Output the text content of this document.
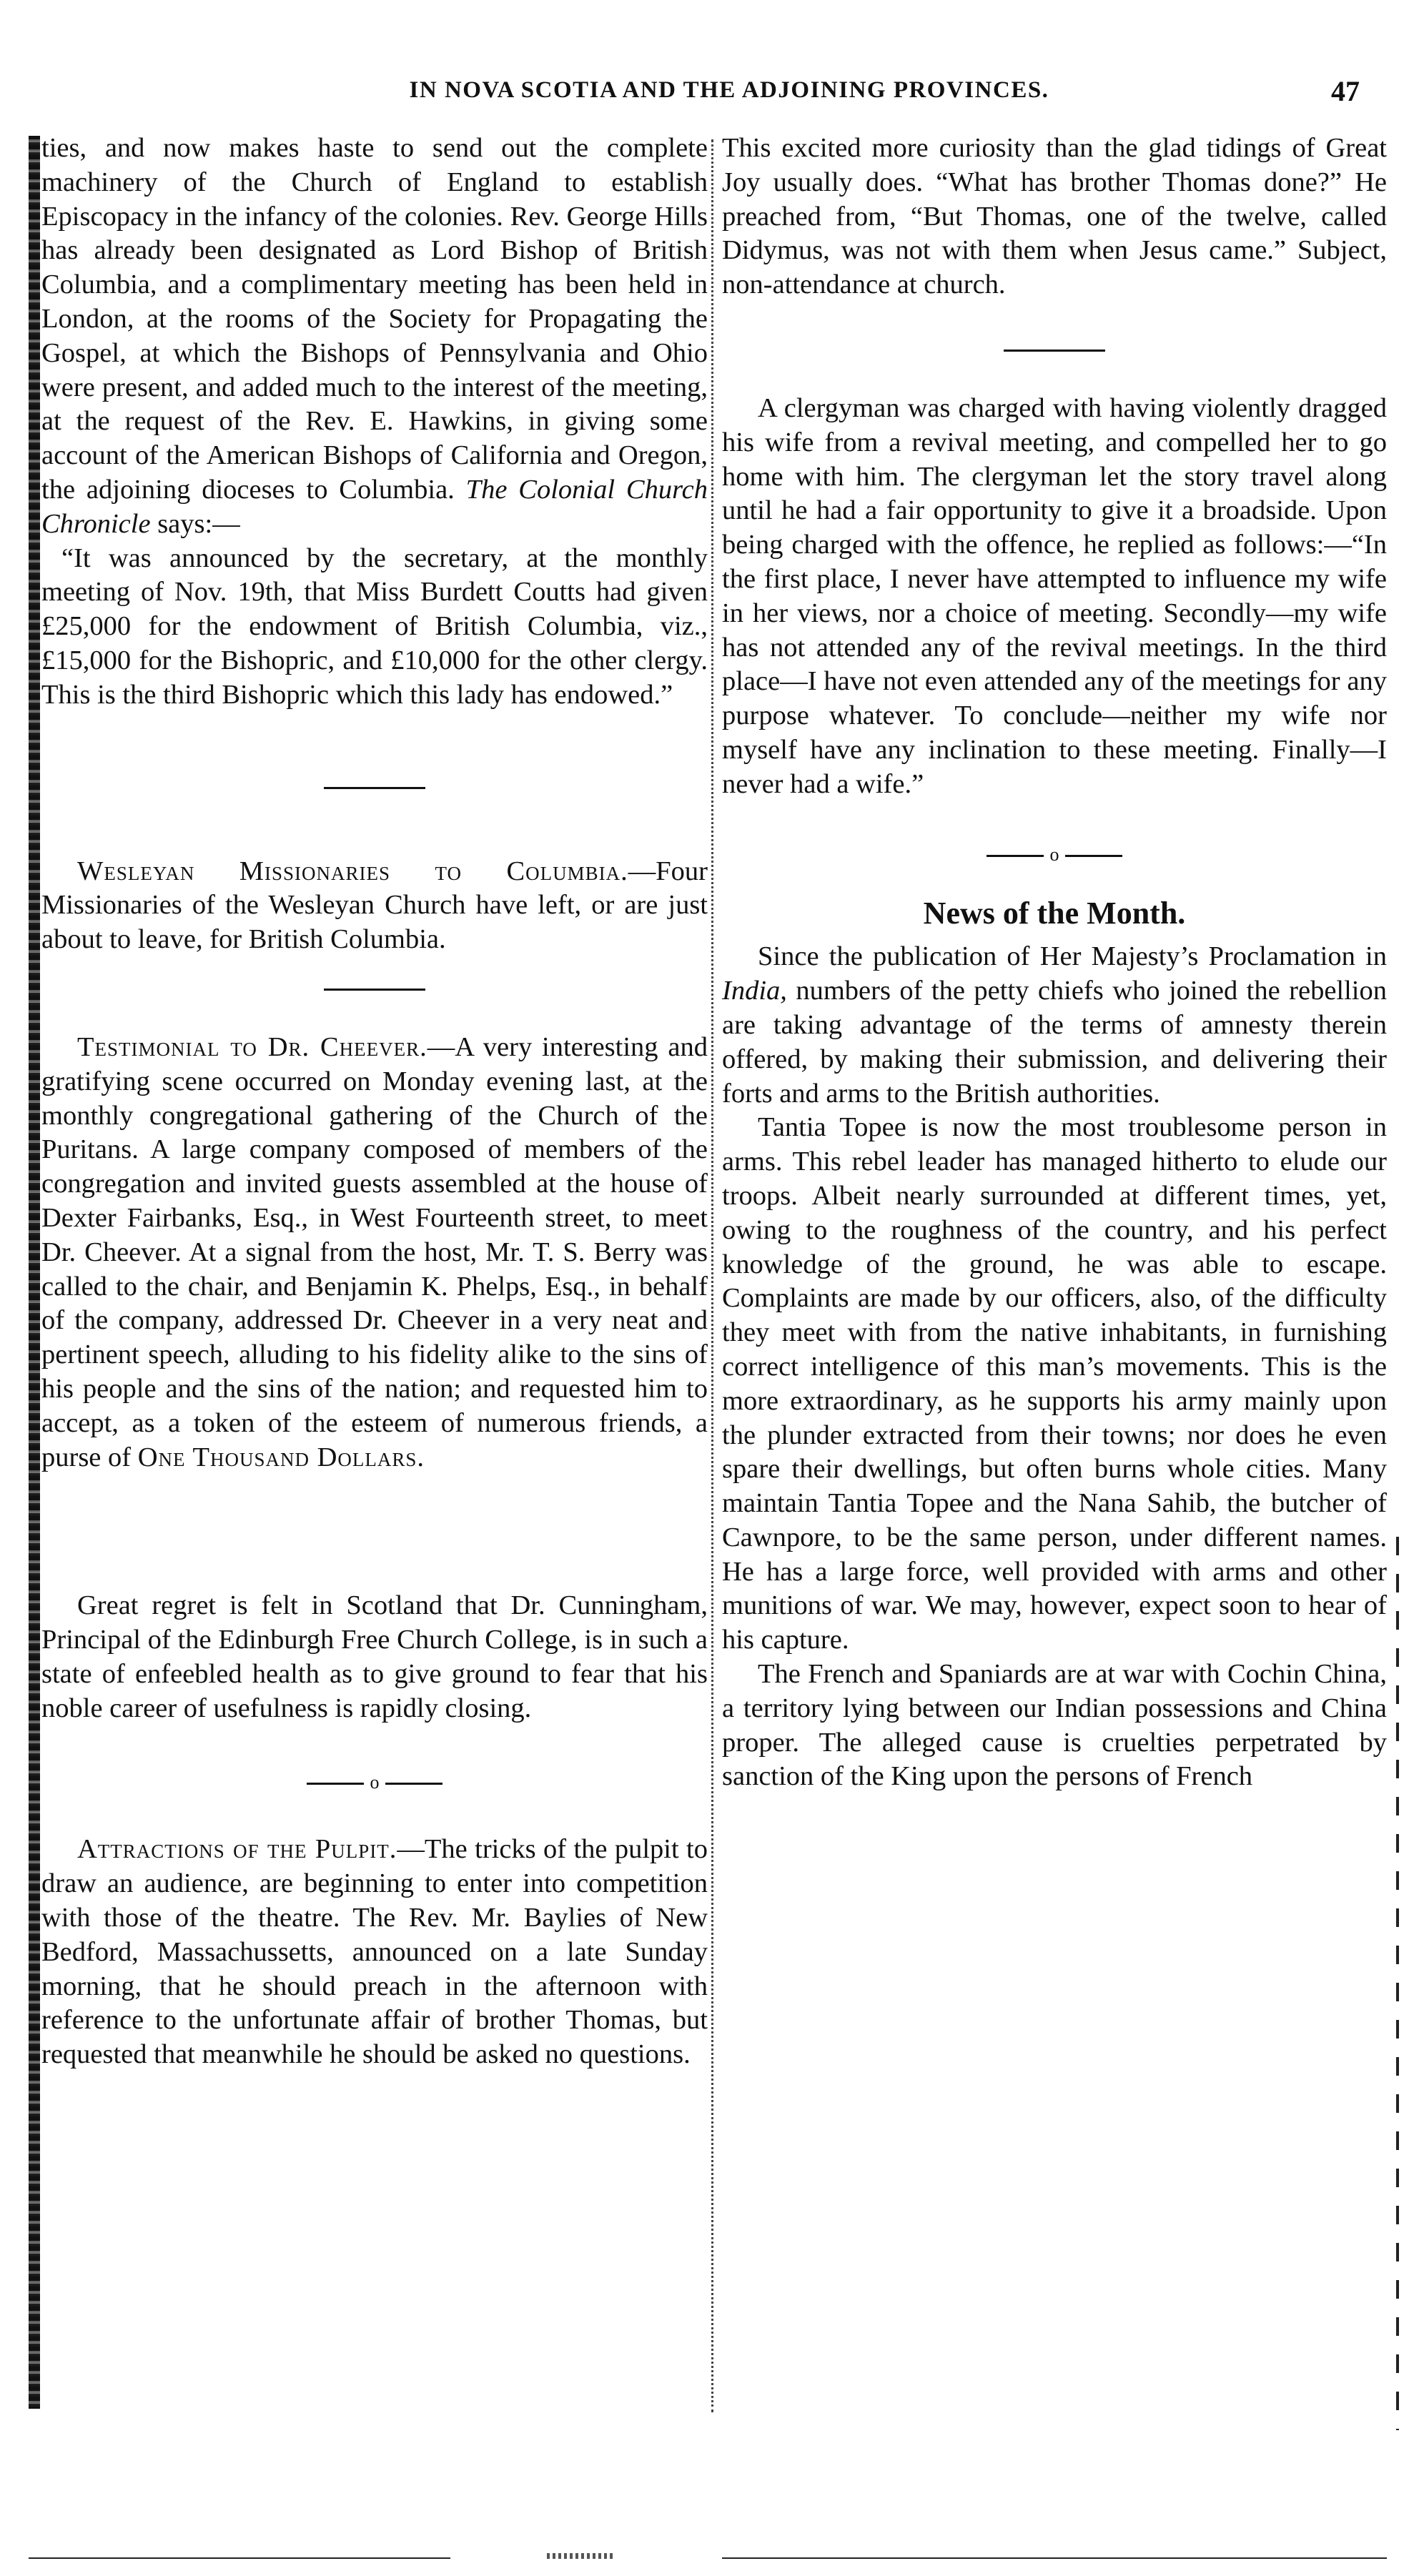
IN NOVA SCOTIA AND THE ADJOINING PROVINCES.	47

ties, and now makes haste to send out the complete machinery of the Church of England to establish Episcopacy in the infancy of the colonies. Rev. George Hills has already been designated as Lord Bishop of British Columbia, and a complimentary meeting has been held in London, at the rooms of the Society for Propagating the Gospel, at which the Bishops of Pennsylvania and Ohio were present, and added much to the interest of the meeting, at the request of the Rev. E. Hawkins, in giving some account of the American Bishops of California and Oregon, the adjoining dioceses to Columbia. The Colonial Church Chronicle says:—

“It was announced by the secretary, at the monthly meeting of Nov. 19th, that Miss Burdett Coutts had given £25,000 for the endowment of British Columbia, viz., £15,000 for the Bishopric, and £10,000 for the other clergy. This is the third Bishopric which this lady has endowed.”

Wesleyan Missionaries to Columbia.—Four Missionaries of the Wesleyan Church have left, or are just about to leave, for British Columbia.

Testimonial to Dr. Cheever.—A very interesting and gratifying scene occurred on Monday evening last, at the monthly congregational gathering of the Church of the Puritans. A large company composed of members of the congregation and invited guests assembled at the house of Dexter Fairbanks, Esq., in West Fourteenth street, to meet Dr. Cheever. At a signal from the host, Mr. T. S. Berry was called to the chair, and Benjamin K. Phelps, Esq., in behalf of the company, addressed Dr. Cheever in a very neat and pertinent speech, alluding to his fidelity alike to the sins of his people and the sins of the nation; and requested him to accept, as a token of the esteem of numerous friends, a purse of One Thousand Dollars.

Great regret is felt in Scotland that Dr. Cunningham, Principal of the Edinburgh Free Church College, is in such a state of enfeebled health as to give ground to fear that his noble career of usefulness is rapidly closing.

o

Attractions of the Pulpit.—The tricks of the pulpit to draw an audience, are beginning to enter into competition with those of the theatre. The Rev. Mr. Baylies of New Bedford, Massachussetts, announced on a late Sunday morning, that he should preach in the afternoon with reference to the unfortunate affair of brother Thomas, but requested that meanwhile he should be asked no questions.

This excited more curiosity than the glad tidings of Great Joy usually does. “What has brother Thomas done?” He preached from, “But Thomas, one of the twelve, called Didymus, was not with them when Jesus came.” Subject, non-attendance at church.

A clergyman was charged with having violently dragged his wife from a revival meeting, and compelled her to go home with him. The clergyman let the story travel along until he had a fair opportunity to give it a broadside. Upon being charged with the offence, he replied as follows:—“In the first place, I never have attempted to influence my wife in her views, nor a choice of meeting. Secondly—my wife has not attended any of the revival meetings. In the third place—I have not even attended any of the meetings for any purpose whatever. To conclude—neither my wife nor myself have any inclination to these meeting. Finally—I never had a wife.”

o

News of the Month.

Since the publication of Her Majesty’s Proclamation in India, numbers of the petty chiefs who joined the rebellion are taking advantage of the terms of amnesty therein offered, by making their submission, and delivering their forts and arms to the British authorities.

Tantia Topee is now the most troublesome person in arms. This rebel leader has managed hitherto to elude our troops. Albeit nearly surrounded at different times, yet, owing to the roughness of the country, and his perfect knowledge of the ground, he was able to escape. Complaints are made by our officers, also, of the difficulty they meet with from the native inhabitants, in furnishing correct intelligence of this man’s movements. This is the more extraordinary, as he supports his army mainly upon the plunder extracted from their towns; nor does he even spare their dwellings, but often burns whole cities. Many maintain Tantia Topee and the Nana Sahib, the butcher of Cawnpore, to be the same person, under different names. He has a large force, well provided with arms and other munitions of war. We may, however, expect soon to hear of his capture.

The French and Spaniards are at war with Cochin China, a territory lying between our Indian possessions and China proper. The alleged cause is cruelties perpetrated by sanction of the King upon the persons of French
